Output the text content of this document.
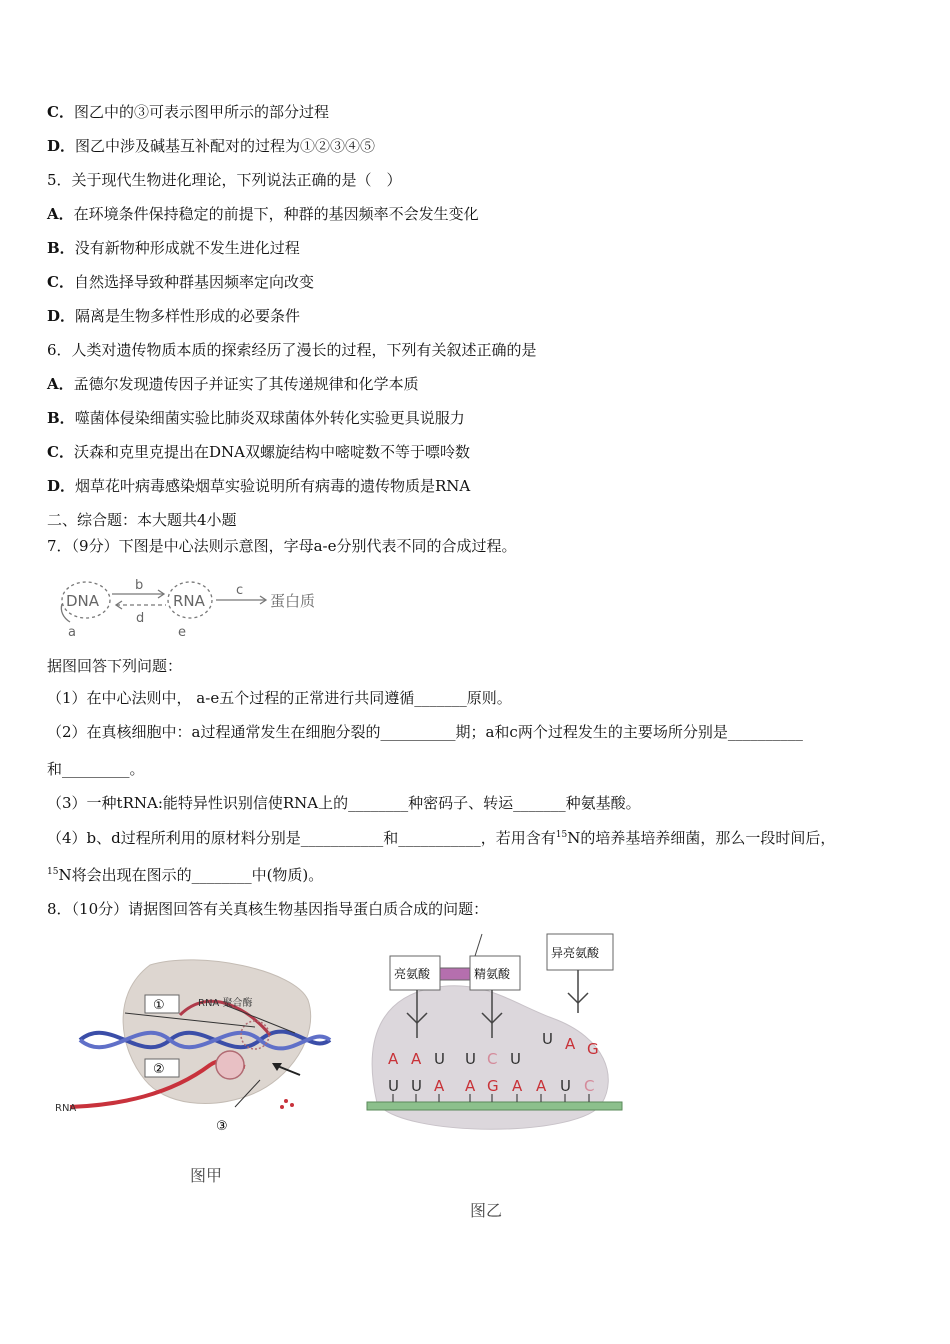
C．图乙中的③可表示图甲所示的部分过程
D．图乙中涉及碱基互补配对的过程为①②③④⑤
5．关于现代生物进化理论，下列说法正确的是（　）
A．在环境条件保持稳定的前提下，种群的基因频率不会发生变化
B．没有新物种形成就不发生进化过程
C．自然选择导致种群基因频率定向改变
D．隔离是生物多样性形成的必要条件
6．人类对遗传物质本质的探索经历了漫长的过程，下列有关叙述正确的是
A．孟德尔发现遗传因子并证实了其传递规律和化学本质
B．噬菌体侵染细菌实验比肺炎双球菌体外转化实验更具说服力
C．沃森和克里克提出在DNA双螺旋结构中嘧啶数不等于嘌呤数
D．烟草花叶病毒感染烟草实验说明所有病毒的遗传物质是RNA
二、综合题：本大题共4小题
7．（9分）下图是中心法则示意图，字母a-e分别代表不同的合成过程。
DNA	RNA	蛋白质
a
b	c
d
e
据图回答下列问题：
（1）在中心法则中， a-e五个过程的正常进行共同遵循_______原则。
（2）在真核细胞中：a过程通常发生在细胞分裂的__________期；a和c两个过程发生的主要场所分别是__________
和_________。
（3）一种tRNA:能特异性识别信使RNA上的________种密码子、转运_______种氨基酸。
（4）b、d过程所利用的原材料分别是___________和___________，若用含有$^{15}$N的培养基培养细菌，那么一段时间后，
$^{15}$N将会出现在图示的________中(物质)。
8．（10分）请据图回答有关真核生物基因指导蛋白质合成的问题：
①	RNA 聚合酶
②
③
RNA
图甲
亮氨酸	精氨酸
异亮氨酸
A A U U C U
U A G
U U A A G A A U C
图乙
